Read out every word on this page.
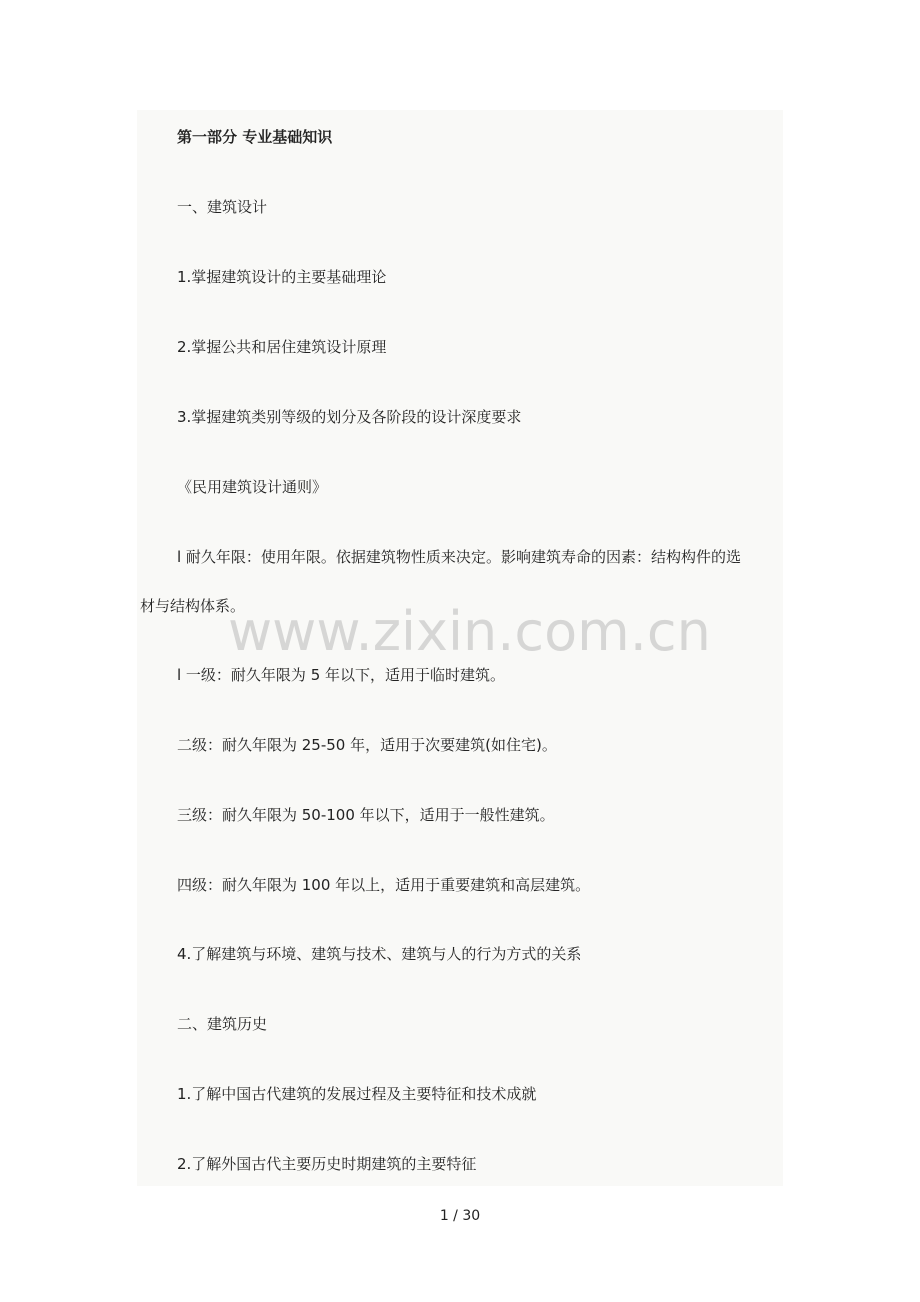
第一部分 专业基础知识
一、建筑设计
1.掌握建筑设计的主要基础理论
2.掌握公共和居住建筑设计原理
3.掌握建筑类别等级的划分及各阶段的设计深度要求
《民用建筑设计通则》
l 耐久年限：使用年限。依据建筑物性质来决定。影响建筑寿命的因素：结构构件的选
材与结构体系。
l 一级：耐久年限为 5 年以下，适用于临时建筑。
二级：耐久年限为 25-50 年，适用于次要建筑(如住宅)。
三级：耐久年限为 50-100 年以下，适用于一般性建筑。
四级：耐久年限为 100 年以上，适用于重要建筑和高层建筑。
4.了解建筑与环境、建筑与技术、建筑与人的行为方式的关系
二、建筑历史
1.了解中国古代建筑的发展过程及主要特征和技术成就
2.了解外国古代主要历史时期建筑的主要特征
www.zixin.com.cn
1 / 30
